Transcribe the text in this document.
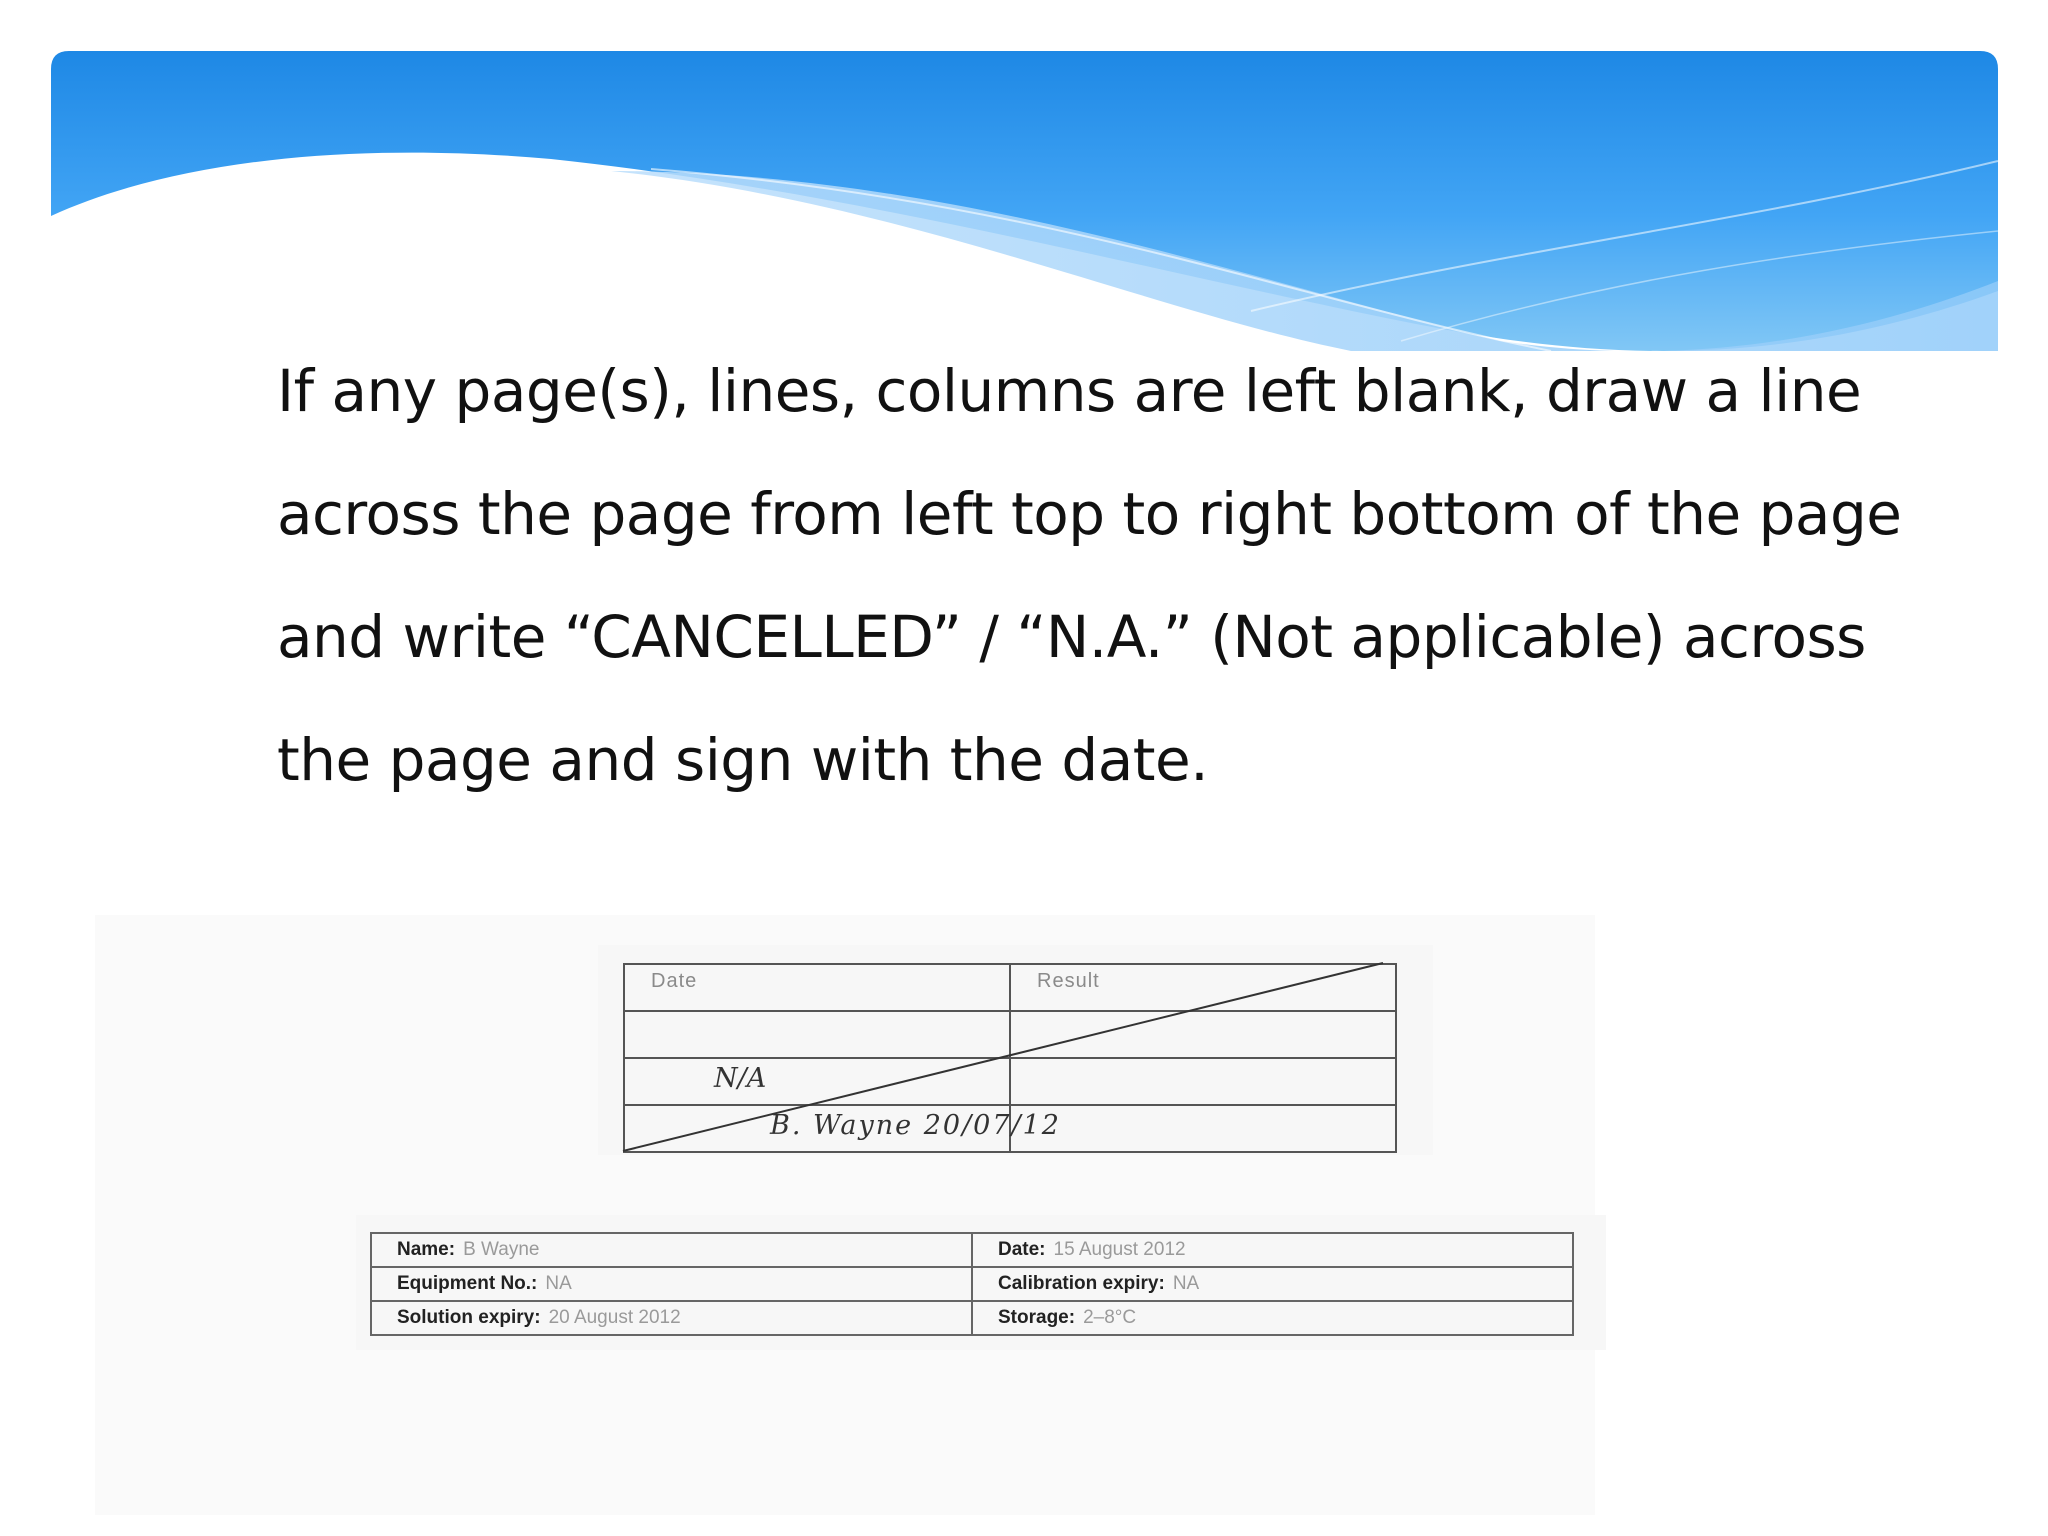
If any page(s), lines, columns are left blank, draw a line across the page from left top to right bottom of the page and write “CANCELLED” / “N.A.” (Not applicable) across the page and sign with the date.

Date	Result

N/A
B. Wayne 20/07/12
Name: B Wayne	Date: 15 August 2012
Equipment No.: NA	Calibration expiry: NA
Solution expiry: 20 August 2012	Storage: 2–8°C
